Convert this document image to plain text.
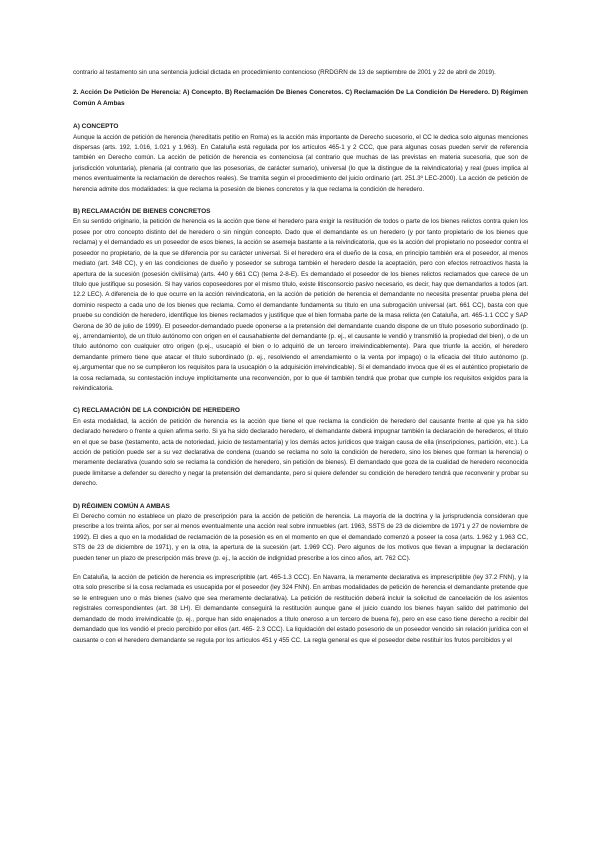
contrario al testamento sin una sentencia judicial dictada en procedimiento contencioso (RRDGRN de 13 de septiembre de 2001 y 22 de abril de 2019).

2. Acción De Petición De Herencia: A) Concepto. B) Reclamación De Bienes Concretos. C) Reclamación De La Condición De Heredero. D) Régimen Común A Ambas

A) CONCEPTO

Aunque la acción de petición de herencia (hereditatis petitio en Roma) es la acción más importante de Derecho sucesorio, el CC le dedica solo algunas menciones dispersas (arts. 192, 1.016, 1.021 y 1.963). En Cataluña está regulada por los artículos 465-1 y 2 CCC, que para algunas cosas pueden servir de referencia también en Derecho común. La acción de petición de herencia es contenciosa (al contrario que muchas de las previstas en materia sucesoria, que son de jurisdicción voluntaria), plenaria (al contrario que las posesorias, de carácter sumario), universal (lo que la distingue de la reivindicatoria) y real (pues implica al menos eventualmente la reclamación de derechos reales). Se tramita según el procedimiento del juicio ordinario (art. 251.3º LEC-2000). La acción de petición de herencia admite dos modalidades: la que reclama la posesión de bienes concretos y la que reclama la condición de heredero.

B) RECLAMACIÓN DE BIENES CONCRETOS

En su sentido originario, la petición de herencia es la acción que tiene el heredero para exigir la restitución de todos o parte de los bienes relictos contra quien los posee por otro concepto distinto del de heredero o sin ningún concepto. Dado que el demandante es un heredero (y por tanto propietario de los bienes que reclama) y el demandado es un poseedor de esos bienes, la acción se asemeja bastante a la reivindicatoria, que es la acción del propietario no poseedor contra el poseedor no propietario, de la que se diferencia por su carácter universal. Si el heredero era el dueño de la cosa, en principio también era el poseedor, al menos mediato (art. 348 CC), y en las condiciones de dueño y poseedor se subroga también el heredero desde la aceptación, pero con efectos retroactivos hasta la apertura de la sucesión (posesión civilísima) (arts. 440 y 661 CC) (tema 2-8-E). Es demandado el poseedor de los bienes relictos reclamados que carece de un título que justifique su posesión. Si hay varios coposeedores por el mismo título, existe litisconsorcio pasivo necesario, es decir, hay que demandarlos a todos (art. 12.2 LEC). A diferencia de lo que ocurre en la acción reivindicatoria, en la acción de petición de herencia el demandante no necesita presentar prueba plena del dominio respecto a cada uno de los bienes que reclama. Como el demandante fundamenta su título en una subrogación universal (art. 661 CC), basta con que pruebe su condición de heredero, identifique los bienes reclamados y justifique que el bien formaba parte de la masa relicta (en Cataluña, art. 465-1.1 CCC y SAP Gerona de 30 de julio de 1999). El poseedor-demandado puede oponerse a la pretensión del demandante cuando dispone de un título posesorio subordinado (p. ej., arrendamiento), de un título autónomo con origen en el causahabiente del demandante (p. ej., el causante le vendió y transmitió la propiedad del bien), o de un título autónomo con cualquier otro origen (p.ej., usucapió el bien o lo adquirió de un tercero irreivindicablemente). Para que triunfe la acción, el heredero demandante primero tiene que atacar el título subordinado (p. ej., resolviendo el arrendamiento o la venta por impago) o la eficacia del título autónomo (p. ej.,argumentar que no se cumplieron los requisitos para la usucapión o la adquisición irreivindicable). Si el demandado invoca que él es el auténtico propietario de la cosa reclamada, su contestación incluye implícitamente una reconvención, por lo que él también tendrá que probar que cumple los requisitos exigidos para la reivindicatoria.

C) RECLAMACIÓN DE LA CONDICIÓN DE HEREDERO

En esta modalidad, la acción de petición de herencia es la acción que tiene el que reclama la condición de heredero del causante frente al que ya ha sido declarado heredero o frente a quien afirma serlo. Si ya ha sido declarado heredero, el demandante deberá impugnar también la declaración de herederos, el título en el que se base (testamento, acta de notoriedad, juicio de testamentaría) y los demás actos jurídicos que traigan causa de ella (inscripciones, partición, etc.). La acción de petición puede ser a su vez declarativa de condena (cuando se reclama no solo la condición de heredero, sino los bienes que forman la herencia) o meramente declarativa (cuando solo se reclama la condición de heredero, sin petición de bienes). El demandado que goza de la cualidad de heredero reconocida puede limitarse a defender su derecho y negar la pretensión del demandante, pero si quiere defender su condición de heredero tendrá que reconvenir y probar su derecho.

D) RÉGIMEN COMÚN A AMBAS

El Derecho común no establece un plazo de prescripción para la acción de petición de herencia. La mayoría de la doctrina y la jurisprudencia consideran que prescribe a los treinta años, por ser al menos eventualmente una acción real sobre inmuebles (art. 1963, SSTS de 23 de diciembre de 1971 y 27 de noviembre de 1992). El dies a quo en la modalidad de reclamación de la posesión es en el momento en que el demandado comenzó a poseer la cosa (arts. 1.962 y 1.963 CC, STS de 23 de diciembre de 1971), y en la otra, la apertura de la sucesión (art. 1.969 CC). Pero algunos de los motivos que llevan a impugnar la declaración pueden tener un plazo de prescripción más breve (p. ej., la acción de indignidad prescribe a los cinco años, art. 762 CC).

En Cataluña, la acción de petición de herencia es imprescriptible (art. 465-1.3 CCC). En Navarra, la meramente declarativa es imprescriptible (ley 37.2 FNN), y la otra solo prescribe si la cosa reclamada es usucapida por el poseedor (ley 324 FNN). En ambas modalidades de petición de herencia el demandante pretende que se le entreguen uno o más bienes (salvo que sea meramente declarativa). La petición de restitución deberá incluir la solicitud de cancelación de los asientos registrales correspondientes (art. 38 LH). El demandante conseguirá la restitución aunque gane el juicio cuando los bienes hayan salido del patrimonio del demandado de modo irreivindicable (p. ej., porque han sido enajenados a título oneroso a un tercero de buena fe), pero en ese caso tiene derecho a recibir del demandado que los vendió el precio percibido por ellos (art. 465- 2.3 CCC). La liquidación del estado posesorio de un poseedor vencido sin relación jurídica con el causante o con el heredero demandante se regula por los artículos 451 y 455 CC. La regla general es que el poseedor debe restituir los frutos percibidos y el
